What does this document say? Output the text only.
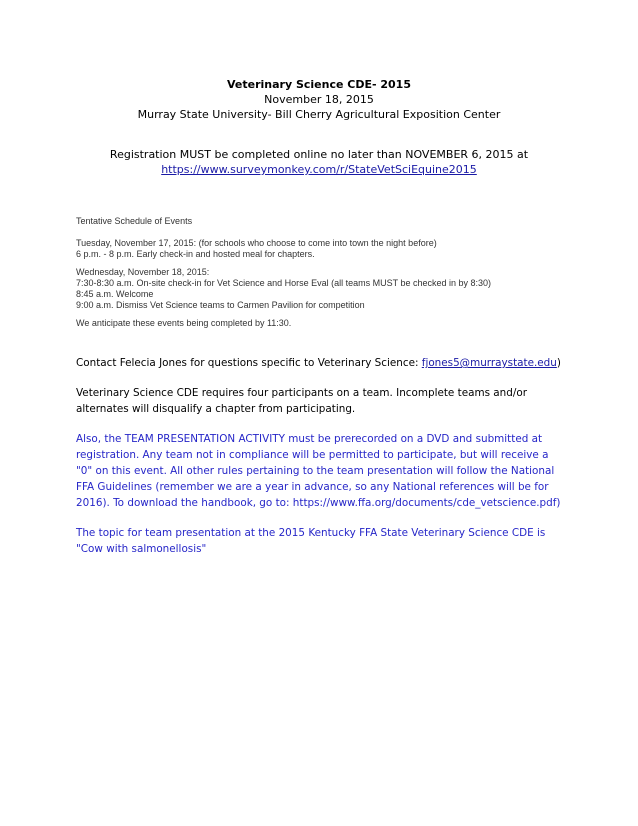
Veterinary Science CDE- 2015
November 18, 2015
Murray State University- Bill Cherry Agricultural Exposition Center
Registration MUST be completed online no later than NOVEMBER 6, 2015 at
https://www.surveymonkey.com/r/StateVetSciEquine2015

Tentative Schedule of Events

Tuesday, November 17, 2015: (for schools who choose to come into town the night before)
6 p.m. - 8 p.m. Early check-in and hosted meal for chapters.

Wednesday, November 18, 2015:
7:30-8:30 a.m. On-site check-in for Vet Science and Horse Eval (all teams MUST be checked in by 8:30)
8:45 a.m. Welcome
9:00 a.m. Dismiss Vet Science teams to Carmen Pavilion for competition

We anticipate these events being completed by 11:30.

Contact Felecia Jones for questions specific to Veterinary Science: fjones5@murraystate.edu)

Veterinary Science CDE requires four participants on a team. Incomplete teams and/or alternates will disqualify a chapter from participating.

Also, the TEAM PRESENTATION ACTIVITY must be prerecorded on a DVD and submitted at registration. Any team not in compliance will be permitted to participate, but will receive a "0" on this event. All other rules pertaining to the team presentation will follow the National FFA Guidelines (remember we are a year in advance, so any National references will be for 2016). To download the handbook, go to: https://www.ffa.org/documents/cde_vetscience.pdf)

The topic for team presentation at the 2015 Kentucky FFA State Veterinary Science CDE is "Cow with salmonellosis"
